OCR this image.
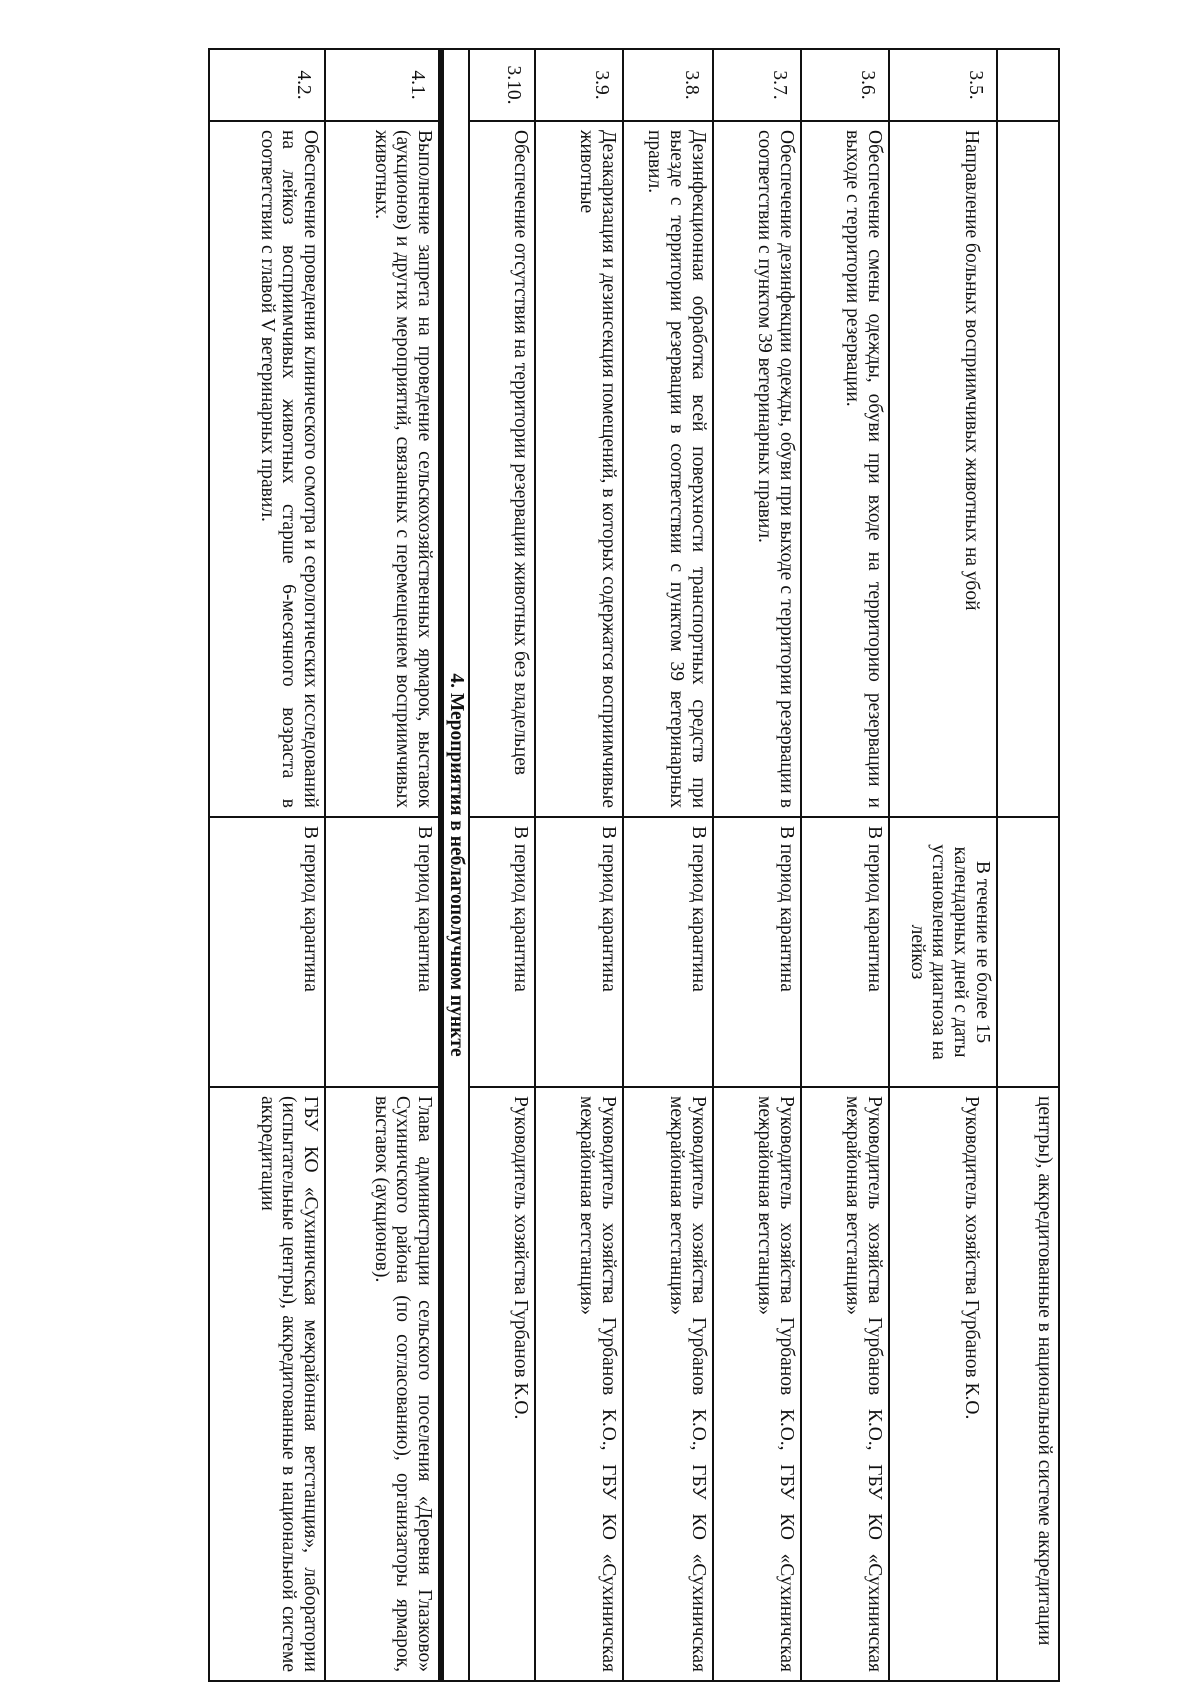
			центры), аккредитованные в национальной системе аккредитации
3.5.	Направление больных восприимчивых животных на убой	В течение не более 15 календарных дней с даты установления диагноза на лейкоз	Руководитель хозяйства Гурбанов К.О.
3.6.	Обеспечение смены одежды, обуви при входе на территорию резервации и выходе с территории резервации.	В период карантина	Руководитель хозяйства Гурбанов К.О., ГБУ КО «Сухиничская межрайонная ветстанция»
3.7.	Обеспечение дезинфекции одежды, обуви при выходе с территории резервации в соответствии с пунктом 39 ветеринарных правил.	В период карантина	Руководитель хозяйства Гурбанов К.О., ГБУ КО «Сухиничская межрайонная ветстанция»
3.8.	Дезинфекционная обработка всей поверхности транспортных средств при выезде с территории резервации в соответствии с пунктом 39 ветеринарных правил.	В период карантина	Руководитель хозяйства Гурбанов К.О., ГБУ КО «Сухиничская межрайонная ветстанция»
3.9.	Дезакаризация и дезинсекция помещений, в которых содержатся восприимчивые животные	В период карантина	Руководитель хозяйства Гурбанов К.О., ГБУ КО «Сухиничская межрайонная ветстанция»
3.10.	Обеспечение отсутствия на территории резервации животных без владельцев	В период карантина	Руководитель хозяйства Гурбанов К.О.
4. Мероприятия в неблагополучном пункте			
4.1.	Выполнение запрета на проведение сельскохозяйственных ярмарок, выставок (аукционов) и других мероприятий, связанных с перемещением восприимчивых животных.	В период карантина	Глава администрации сельского поселения «Деревня Глазково» Сухиничского района (по согласованию), организаторы ярмарок, выставок (аукционов).
4.2.	Обеспечение проведения клинического осмотра и серологических исследований на лейкоз восприимчивых животных старше 6-месячного возраста в соответствии с главой V ветеринарных правил.	В период карантина	ГБУ КО «Сухиничская межрайонная ветстанция», лаборатории (испытательные центры), аккредитованные в национальной системе аккредитации
